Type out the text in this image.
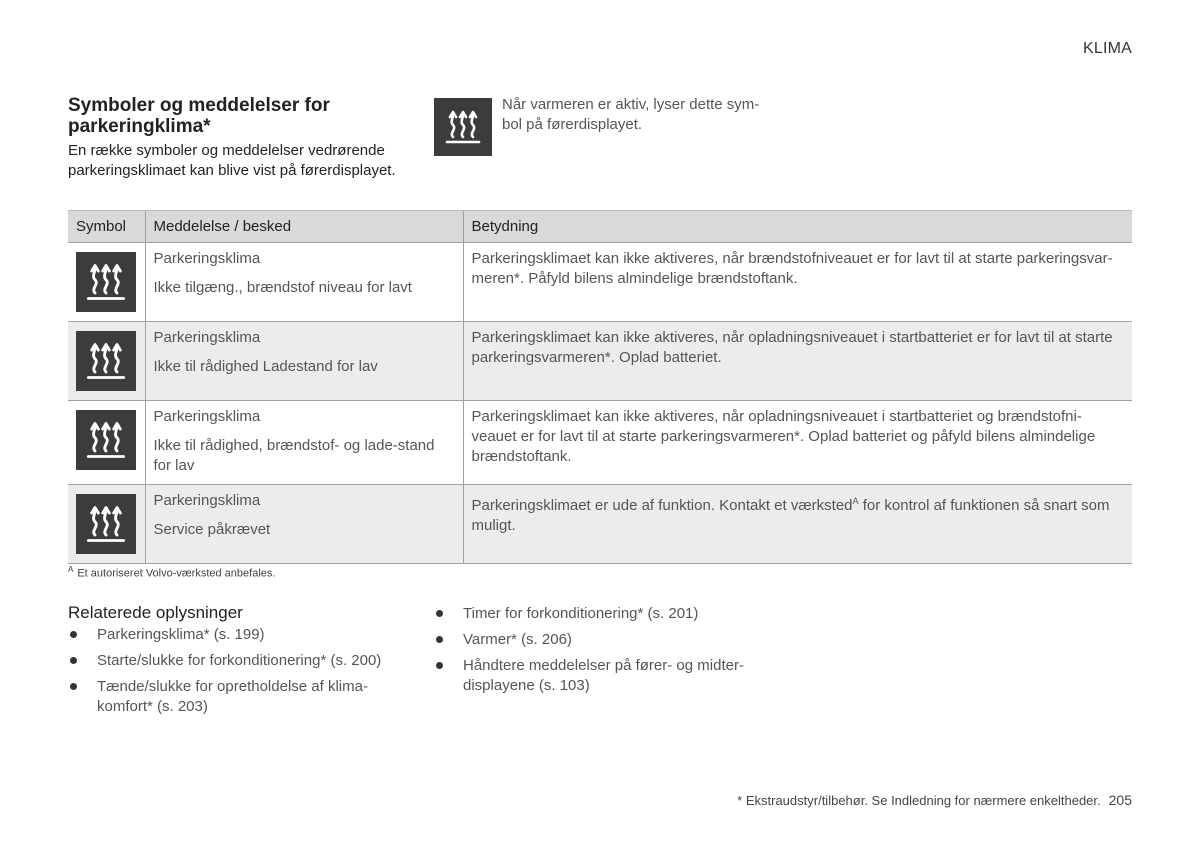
KLIMA
Symboler og meddelelser for parkeringklima*
En række symboler og meddelelser vedrørende parkeringsklimaet kan blive vist på førerdisplayet.
Når varmeren er aktiv, lyser dette sym-bol på førerdisplayet.
Symbol	Meddelelse / besked	Betydning

Parkeringsklima
Ikke tilgæng., brændstof niveau for lavt	Parkeringsklimaet kan ikke aktiveres, når brændstofniveauet er for lavt til at starte parkeringsvar-meren*. Påfyld bilens almindelige brændstoftank.

Parkeringsklima
Ikke til rådighed Ladestand for lav	Parkeringsklimaet kan ikke aktiveres, når opladningsniveauet i startbatteriet er for lavt til at starte parkeringsvarmeren*. Oplad batteriet.

Parkeringsklima
Ikke til rådighed, brændstof- og lade-stand for lav	Parkeringsklimaet kan ikke aktiveres, når opladningsniveauet i startbatteriet og brændstofni-veauet er for lavt til at starte parkeringsvarmeren*. Oplad batteriet og påfyld bilens almindelige brændstoftank.

Parkeringsklima
Service påkrævet	Parkeringsklimaet er ude af funktion. Kontakt et værksted$^A$ for kontrol af funktionen så snart som muligt.
$^A$ Et autoriseret Volvo-værksted anbefales.
Relaterede oplysninger
Parkeringsklima* (s. 199)
Starte/slukke for forkonditionering* (s. 200)
Tænde/slukke for opretholdelse af klima-komfort* (s. 203)
Timer for forkonditionering* (s. 201)
Varmer* (s. 206)
Håndtere meddelelser på fører- og midter-displayene (s. 103)
* Ekstraudstyr/tilbehør. Se Indledning for nærmere enkeltheder. 205
